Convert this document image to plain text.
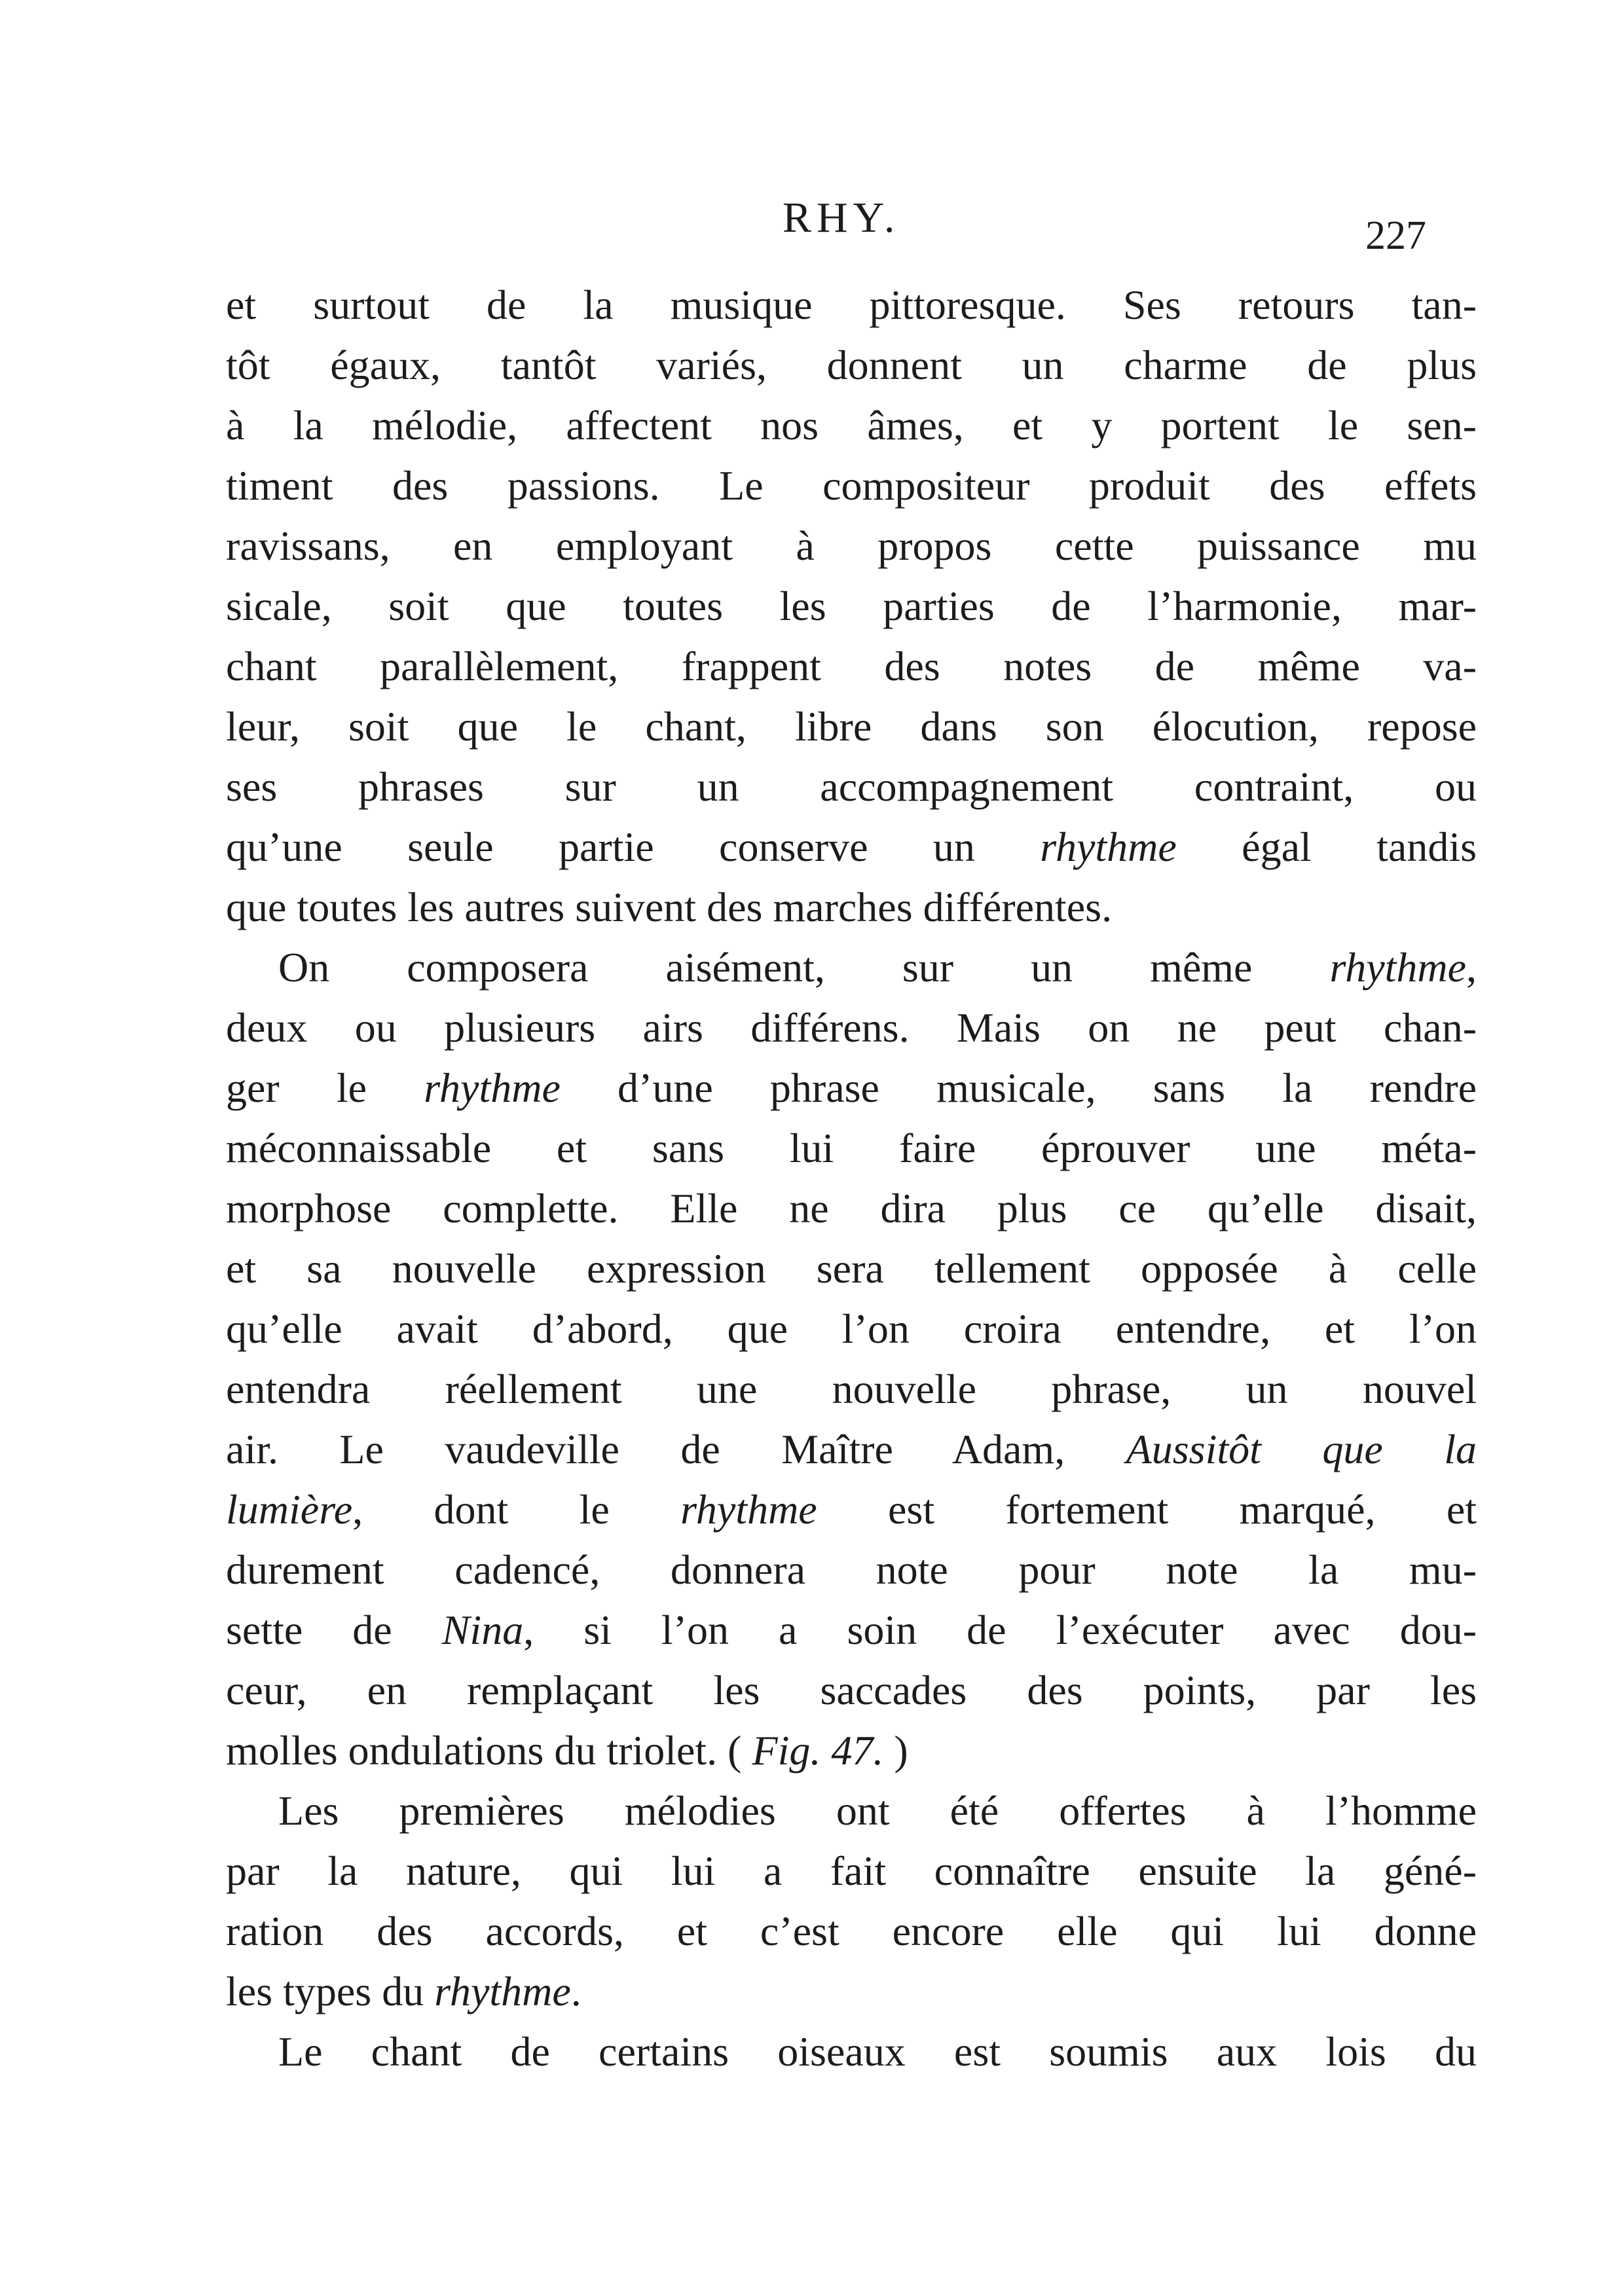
RHY.	227
et surtout de la musique pittoresque. Ses retours tan-
tôt égaux, tantôt variés, donnent un charme de plus
à la mélodie, affectent nos âmes, et y portent le sen-
timent des passions. Le compositeur produit des effets
ravissans, en employant à propos cette puissance mu
sicale, soit que toutes les parties de l’harmonie, mar-
chant parallèlement, frappent des notes de même va-
leur, soit que le chant, libre dans son élocution, repose
ses phrases sur un accompagnement contraint, ou
qu’une seule partie conserve un rhythme égal tandis
que toutes les autres suivent des marches différentes.
On composera aisément, sur un même rhythme,
deux ou plusieurs airs différens. Mais on ne peut chan-
ger le rhythme d’une phrase musicale, sans la rendre
méconnaissable et sans lui faire éprouver une méta-
morphose complette. Elle ne dira plus ce qu’elle disait,
et sa nouvelle expression sera tellement opposée à celle
qu’elle avait d’abord, que l’on croira entendre, et l’on
entendra réellement une nouvelle phrase, un nouvel
air. Le vaudeville de Maître Adam, Aussitôt que la
lumière, dont le rhythme est fortement marqué, et
durement cadencé, donnera note pour note la mu-
sette de Nina, si l’on a soin de l’exécuter avec dou-
ceur, en remplaçant les saccades des points, par les
molles ondulations du triolet. ( Fig. 47. )
Les premières mélodies ont été offertes à l’homme
par la nature, qui lui a fait connaître ensuite la géné-
ration des accords, et c’est encore elle qui lui donne
les types du rhythme.
Le chant de certains oiseaux est soumis aux lois du
